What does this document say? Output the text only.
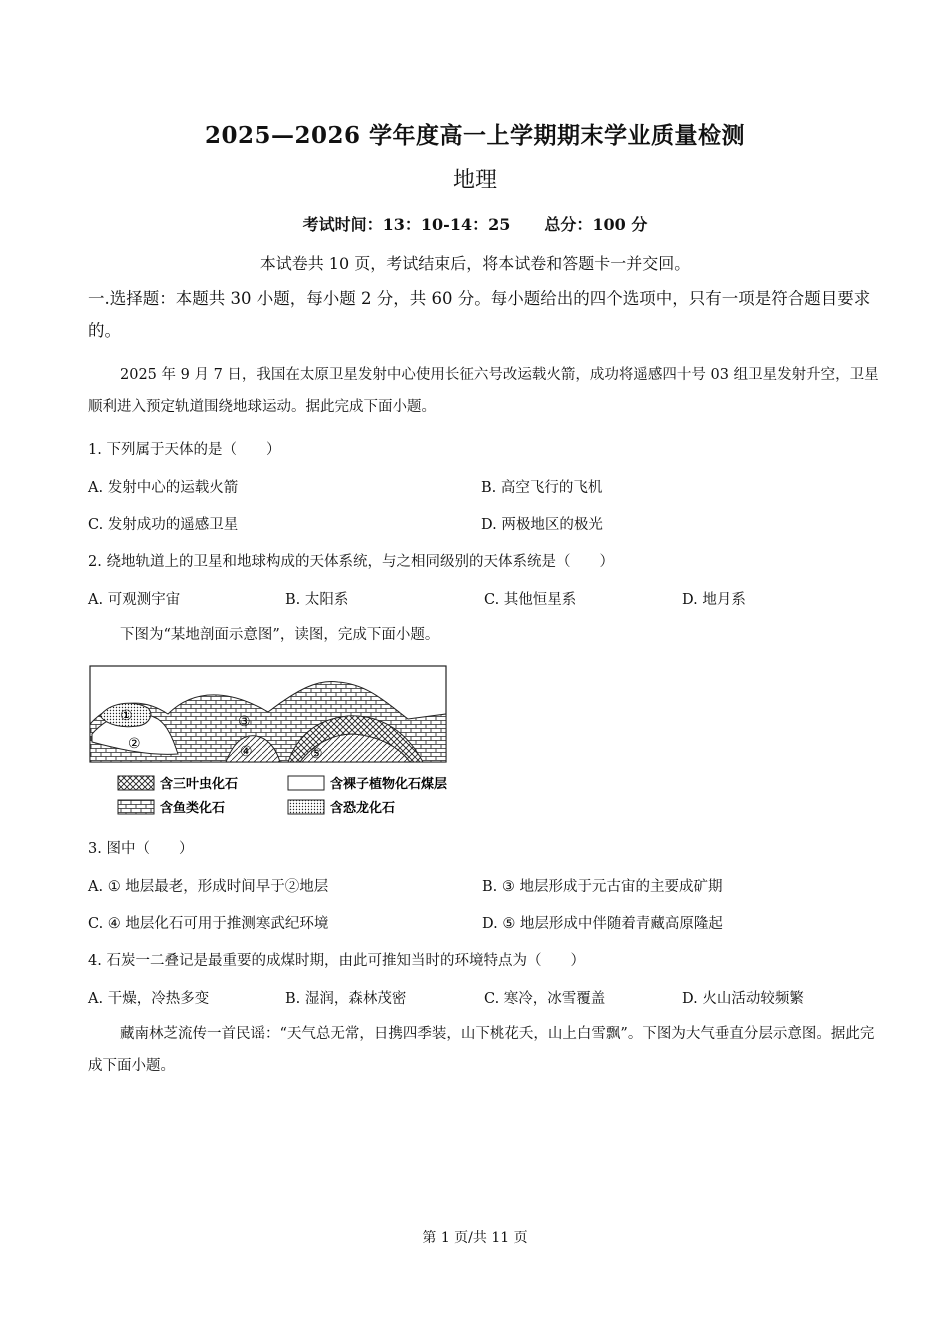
2025—2026 学年度高一上学期期末学业质量检测
地理
考试时间：13：10-14：25 总分：100 分
本试卷共 10 页，考试结束后，将本试卷和答题卡一并交回。
一.选择题：本题共 30 小题，每小题 2 分，共 60 分。每小题给出的四个选项中，只有一项是符合题目要求的。
2025 年 9 月 7 日，我国在太原卫星发射中心使用长征六号改运载火箭，成功将遥感四十号 03 组卫星发射升空，卫星顺利进入预定轨道围绕地球运动。据此完成下面小题。
1. 下列属于天体的是（　　）
A. 发射中心的运载火箭	B. 高空飞行的飞机
C. 发射成功的遥感卫星	D. 两极地区的极光
2. 绕地轨道上的卫星和地球构成的天体系统，与之相同级别的天体系统是（　　）
A. 可观测宇宙	B. 太阳系	C. 其他恒星系	D. 地月系
下图为“某地剖面示意图”，读图，完成下面小题。
①
②
③
④	⑤
含三叶虫化石	含裸子植物化石煤层
含鱼类化石	含恐龙化石
3. 图中（　　）
A. ① 地层最老，形成时间早于②地层	B. ③ 地层形成于元古宙的主要成矿期
C. ④ 地层化石可用于推测寒武纪环境	D. ⑤ 地层形成中伴随着青藏高原隆起
4. 石炭一二叠记是最重要的成煤时期，由此可推知当时的环境特点为（　　）
A. 干燥，冷热多变	B. 湿润，森林茂密	C. 寒冷，冰雪覆盖	D. 火山活动较频繁
藏南林芝流传一首民谣：“天气总无常，日携四季装，山下桃花夭，山上白雪飘”。下图为大气垂直分层示意图。据此完成下面小题。
第 1 页/共 11 页
